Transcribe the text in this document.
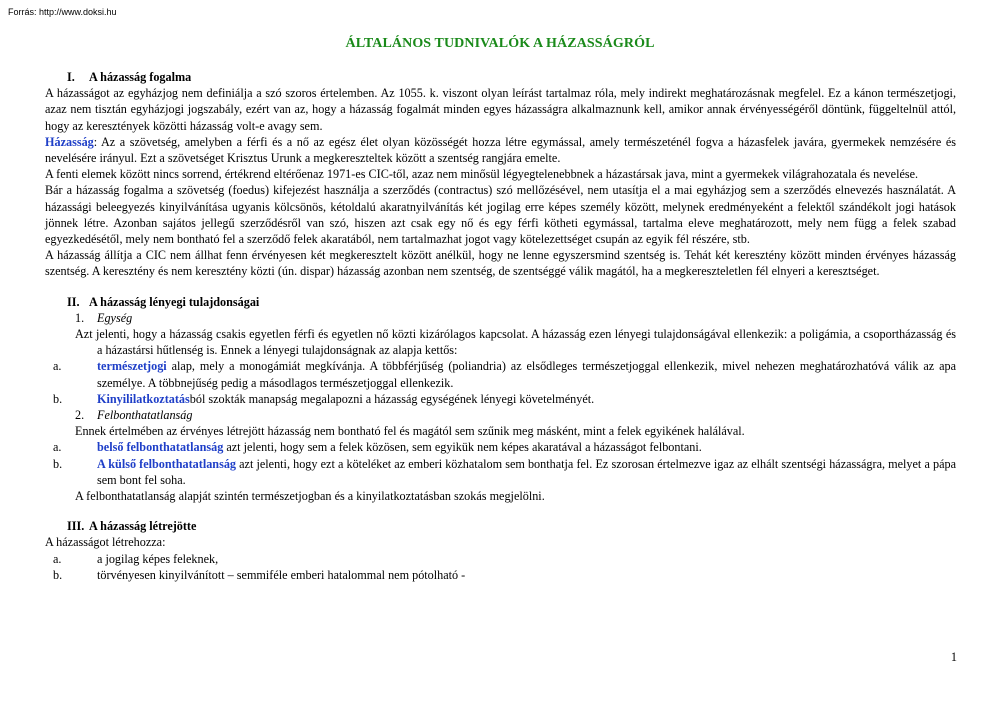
Forrás: http://www.doksi.hu
ÁLTALÁNOS TUDNIVALÓK A HÁZASSÁGRÓL
I. A házasság fogalma

A házasságot az egyházjog nem definiálja a szó szoros értelemben. Az 1055. k. viszont olyan leírást tartalmaz róla, mely indirekt meghatározásnak megfelel. Ez a kánon természetjogi, azaz nem tisztán egyházjogi jogszabály, ezért van az, hogy a házasság fogalmát minden egyes házasságra alkalmaznunk kell, amikor annak érvényességéről döntünk, függeltelnül attól, hogy az keresztények közötti házasság volt-e avagy sem.

Házasság: Az a szövetség, amelyben a férfi és a nő az egész élet olyan közösségét hozza létre egymással, amely természeténél fogva a házasfelek javára, gyermekek nemzésére és nevelésére irányul. Ezt a szövetséget Krisztus Urunk a megkereszteltek között a szentség rangjára emelte.

A fenti elemek között nincs sorrend, értékrend eltérőenaz 1971-es CIC-től, azaz nem minősül légyegtelenebbnek a házastársak java, mint a gyermekek világrahozatala és nevelése.

Bár a házasság fogalma a szövetség (foedus) kifejezést használja a szerződés (contractus) szó mellőzésével, nem utasítja el a mai egyházjog sem a szerződés elnevezés használatát. A házassági beleegyezés kinyilvánítása ugyanis kölcsönös, kétoldalú akaratnyilvánítás két jogilag erre képes személy között, melynek eredményeként a felektől szándékolt jogi hatások jönnek létre. Azonban sajátos jellegű szerződésről van szó, hiszen azt csak egy nő és egy férfi kötheti egymással, tartalma eleve meghatározott, mely nem függ a felek szabad egyezkedésétől, mely nem bontható fel a szerződő felek akaratából, nem tartalmazhat jogot vagy kötelezettséget csupán az egyik fél részére, stb.

A házasság állítja a CIC nem állhat fenn érvényesen két megkeresztelt között anélkül, hogy ne lenne egyszersmind szentség is. Tehát két keresztény között minden érvényes házasság szentség. A keresztény és nem keresztény közti (ún. dispar) házasság azonban nem szentség, de szentséggé válik magától, ha a megkereszteletlen fél elnyeri a keresztséget.

II. A házasság lényegi tulajdonságai
1. Egység

Azt jelenti, hogy a házasság csakis egyetlen férfi és egyetlen nő közti kizárólagos kapcsolat. A házasság ezen lényegi tulajdonságával ellenkezik: a poligámia, a csoportházasság és a házastársi hűtlenség is. Ennek a lényegi tulajdonságnak az alapja kettős:

a.	természetjogi alap, mely a monogámiát megkívánja. A többférjűség (poliandria) az elsődleges természetjoggal ellenkezik, mivel nehezen meghatározhatóvá válik az apa személye. A többnejűség pedig a másodlagos természetjoggal ellenkezik.

b.	Kinyililatkoztatásból szokták manapság megalapozni a házasság egységének lényegi követelményét.

2. Felbonthatatlanság

Ennek értelmében az érvényes létrejött házasság nem bontható fel és magától sem szűnik meg másként, mint a felek egyikének halálával.

a.	belső felbonthatatlanság azt jelenti, hogy sem a felek közösen, sem egyikük nem képes akaratával a házasságot felbontani.

b.	A külső felbonthatatlanság azt jelenti, hogy ezt a köteléket az emberi közhatalom sem bonthatja fel. Ez szorosan értelmezve igaz az elhált szentségi házasságra, melyet a pápa sem bont fel soha.

A felbonthatatlanság alapját szintén természetjogban és a kinyilatkoztatásban szokás megjelölni.

III. A házasság létrejötte

A házasságot létrehozza:

a.	a jogilag képes feleknek,

b.	törvényesen kinyilvánított – semmiféle emberi hatalommal nem pótolható -

1
